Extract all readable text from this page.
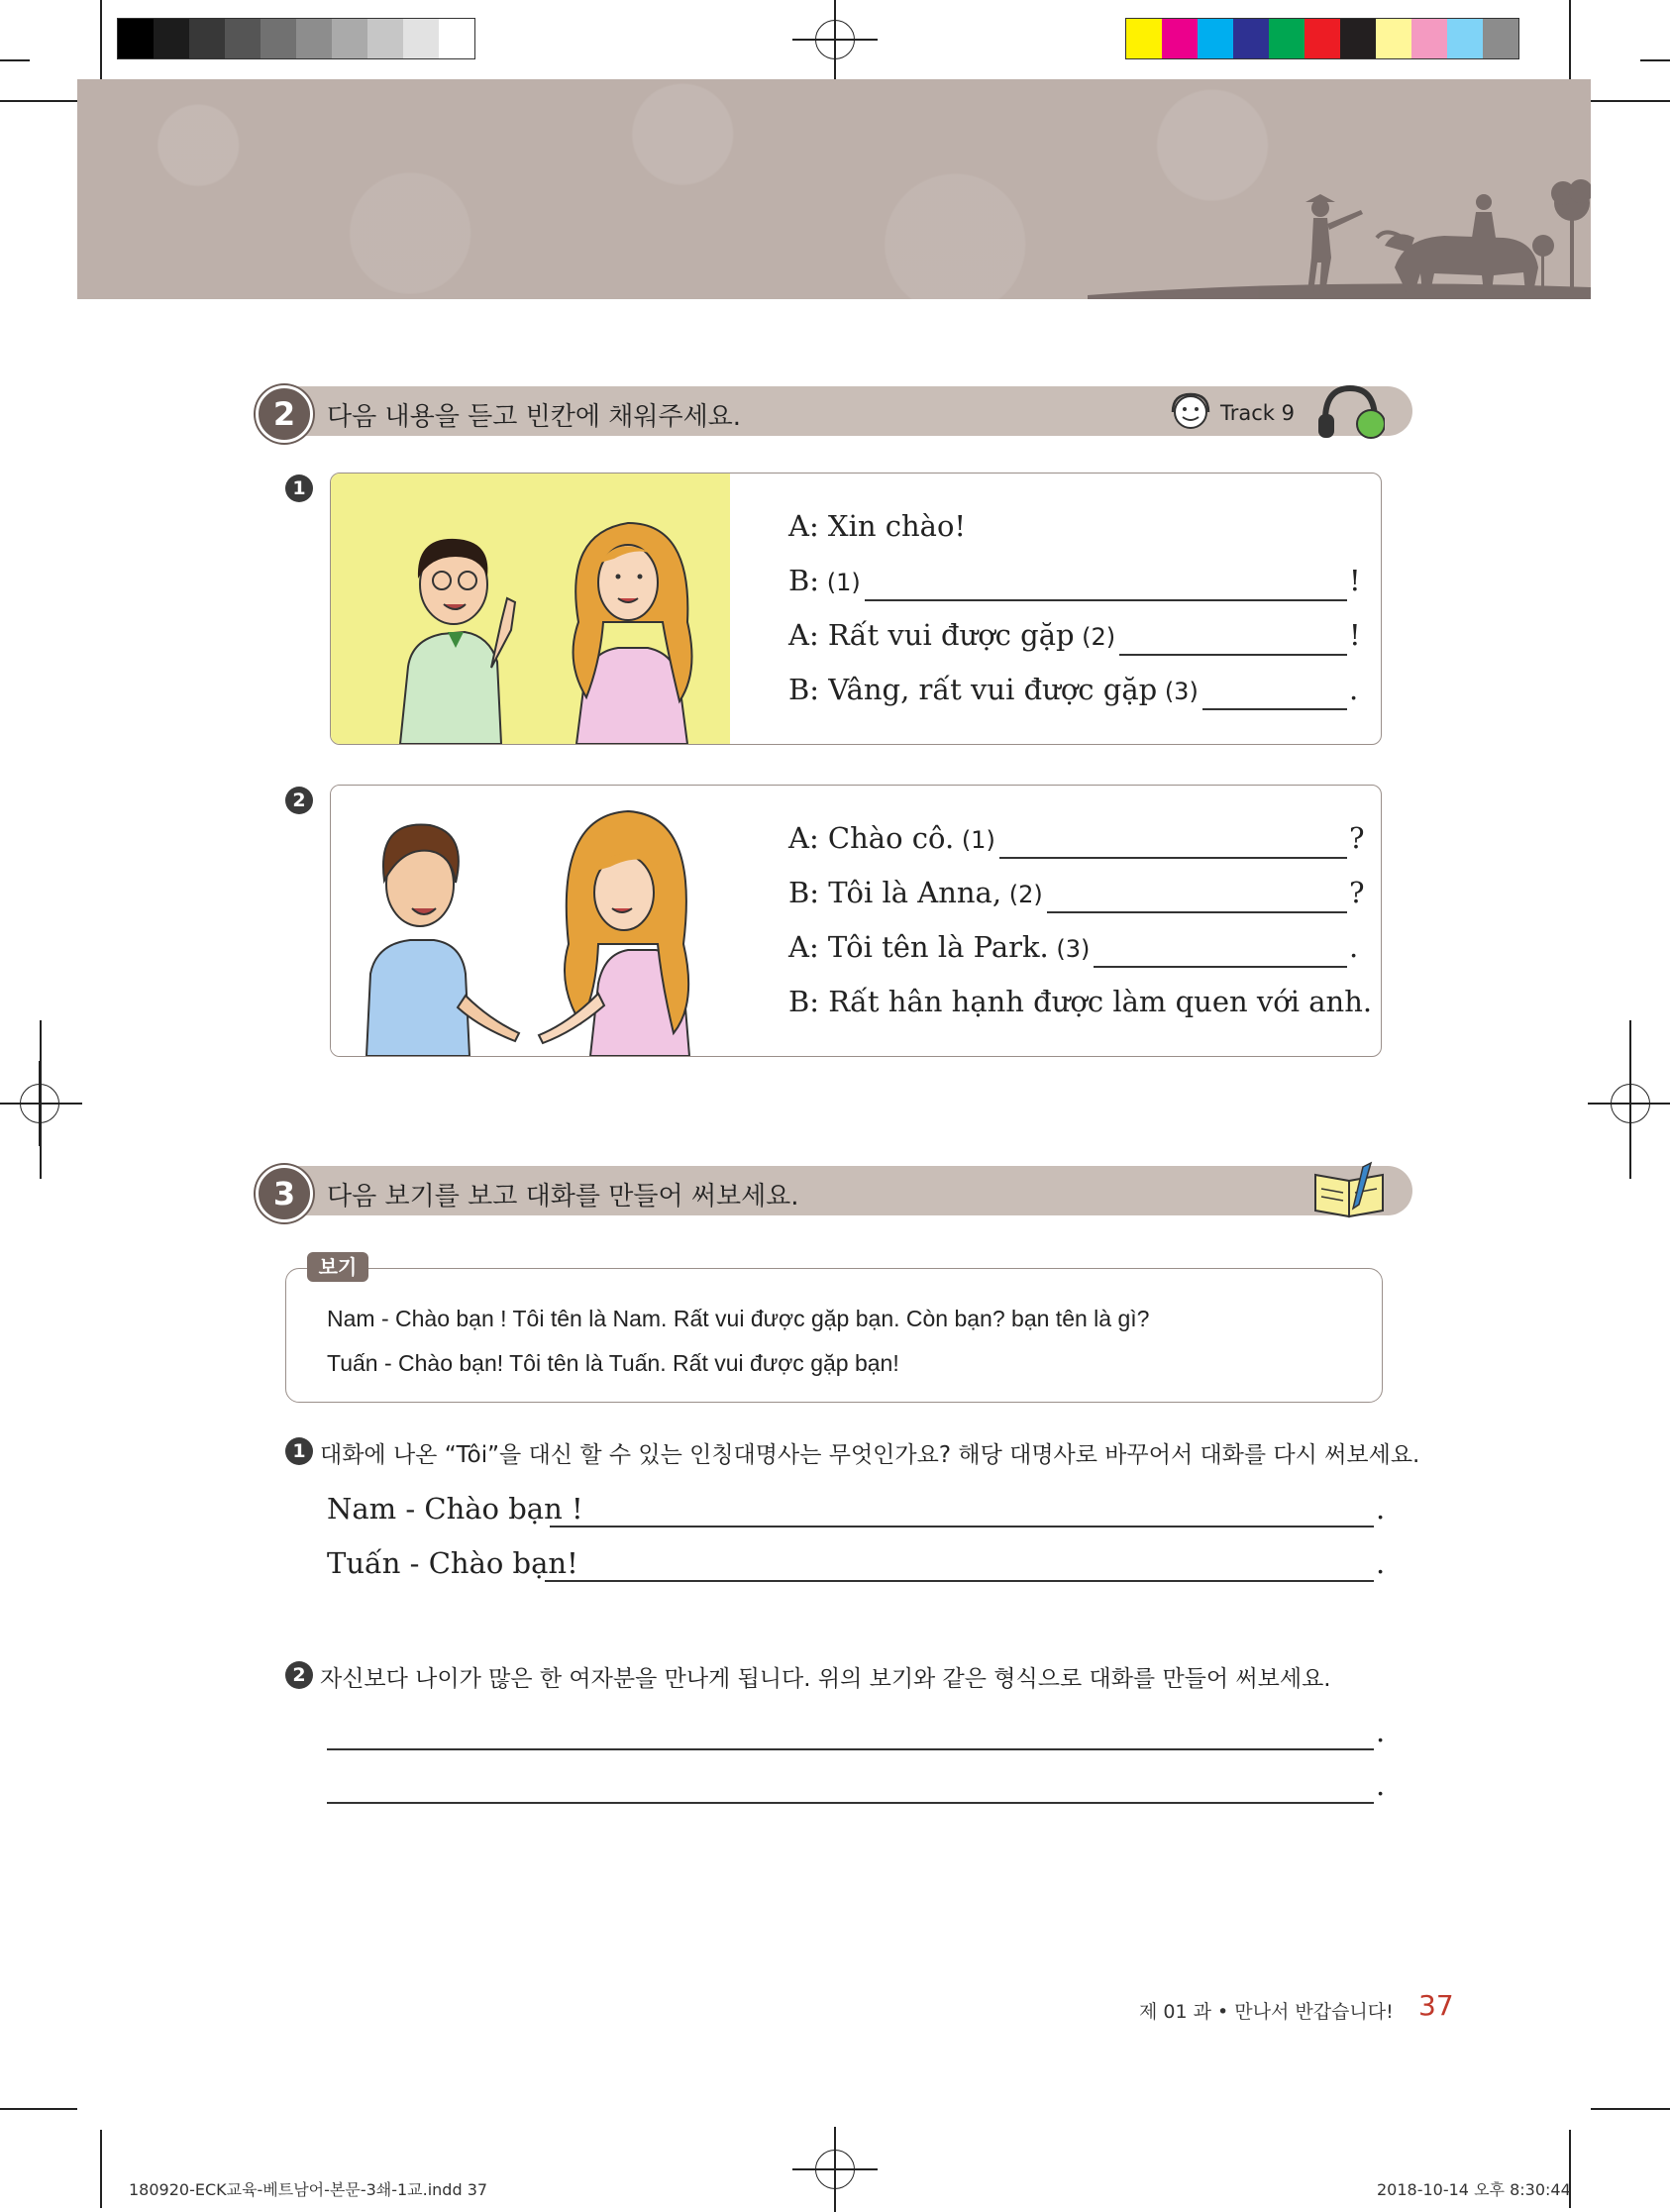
2	다음 내용을 듣고 빈칸에 채워주세요.	Track 9
1
A: Xin chào!
B: (1)
A: Rất vui được gặp (2)
B: Vâng, rất vui được gặp (3)
!
!
.
2
A: Chào cô. (1)
B: Tôi là Anna, (2)
A: Tôi tên là Park. (3)
B: Rất hân hạnh được làm quen với anh.
?
?
.
3	다음 보기를 보고 대화를 만들어 써보세요.
보기
Nam - Chào bạn ! Tôi tên là Nam. Rất vui được gặp bạn. Còn bạn? bạn tên là gì?
Tuấn - Chào bạn! Tôi tên là Tuấn. Rất vui được gặp bạn!
1 대화에 나온 “Tôi”을 대신 할 수 있는 인칭대명사는 무엇인가요? 해당 대명사로 바꾸어서 대화를 다시 써보세요.
Nam - Chào bạn !	.
Tuấn - Chào bạn!	.
2 자신보다 나이가 많은 한 여자분을 만나게 됩니다. 위의 보기와 같은 형식으로 대화를 만들어 써보세요.
.
.
제 01 과 • 만나서 반갑습니다! 37
180920-ECK교육-베트남어-본문-3쇄-1교.indd 37	2018-10-14 오후 8:30:44
